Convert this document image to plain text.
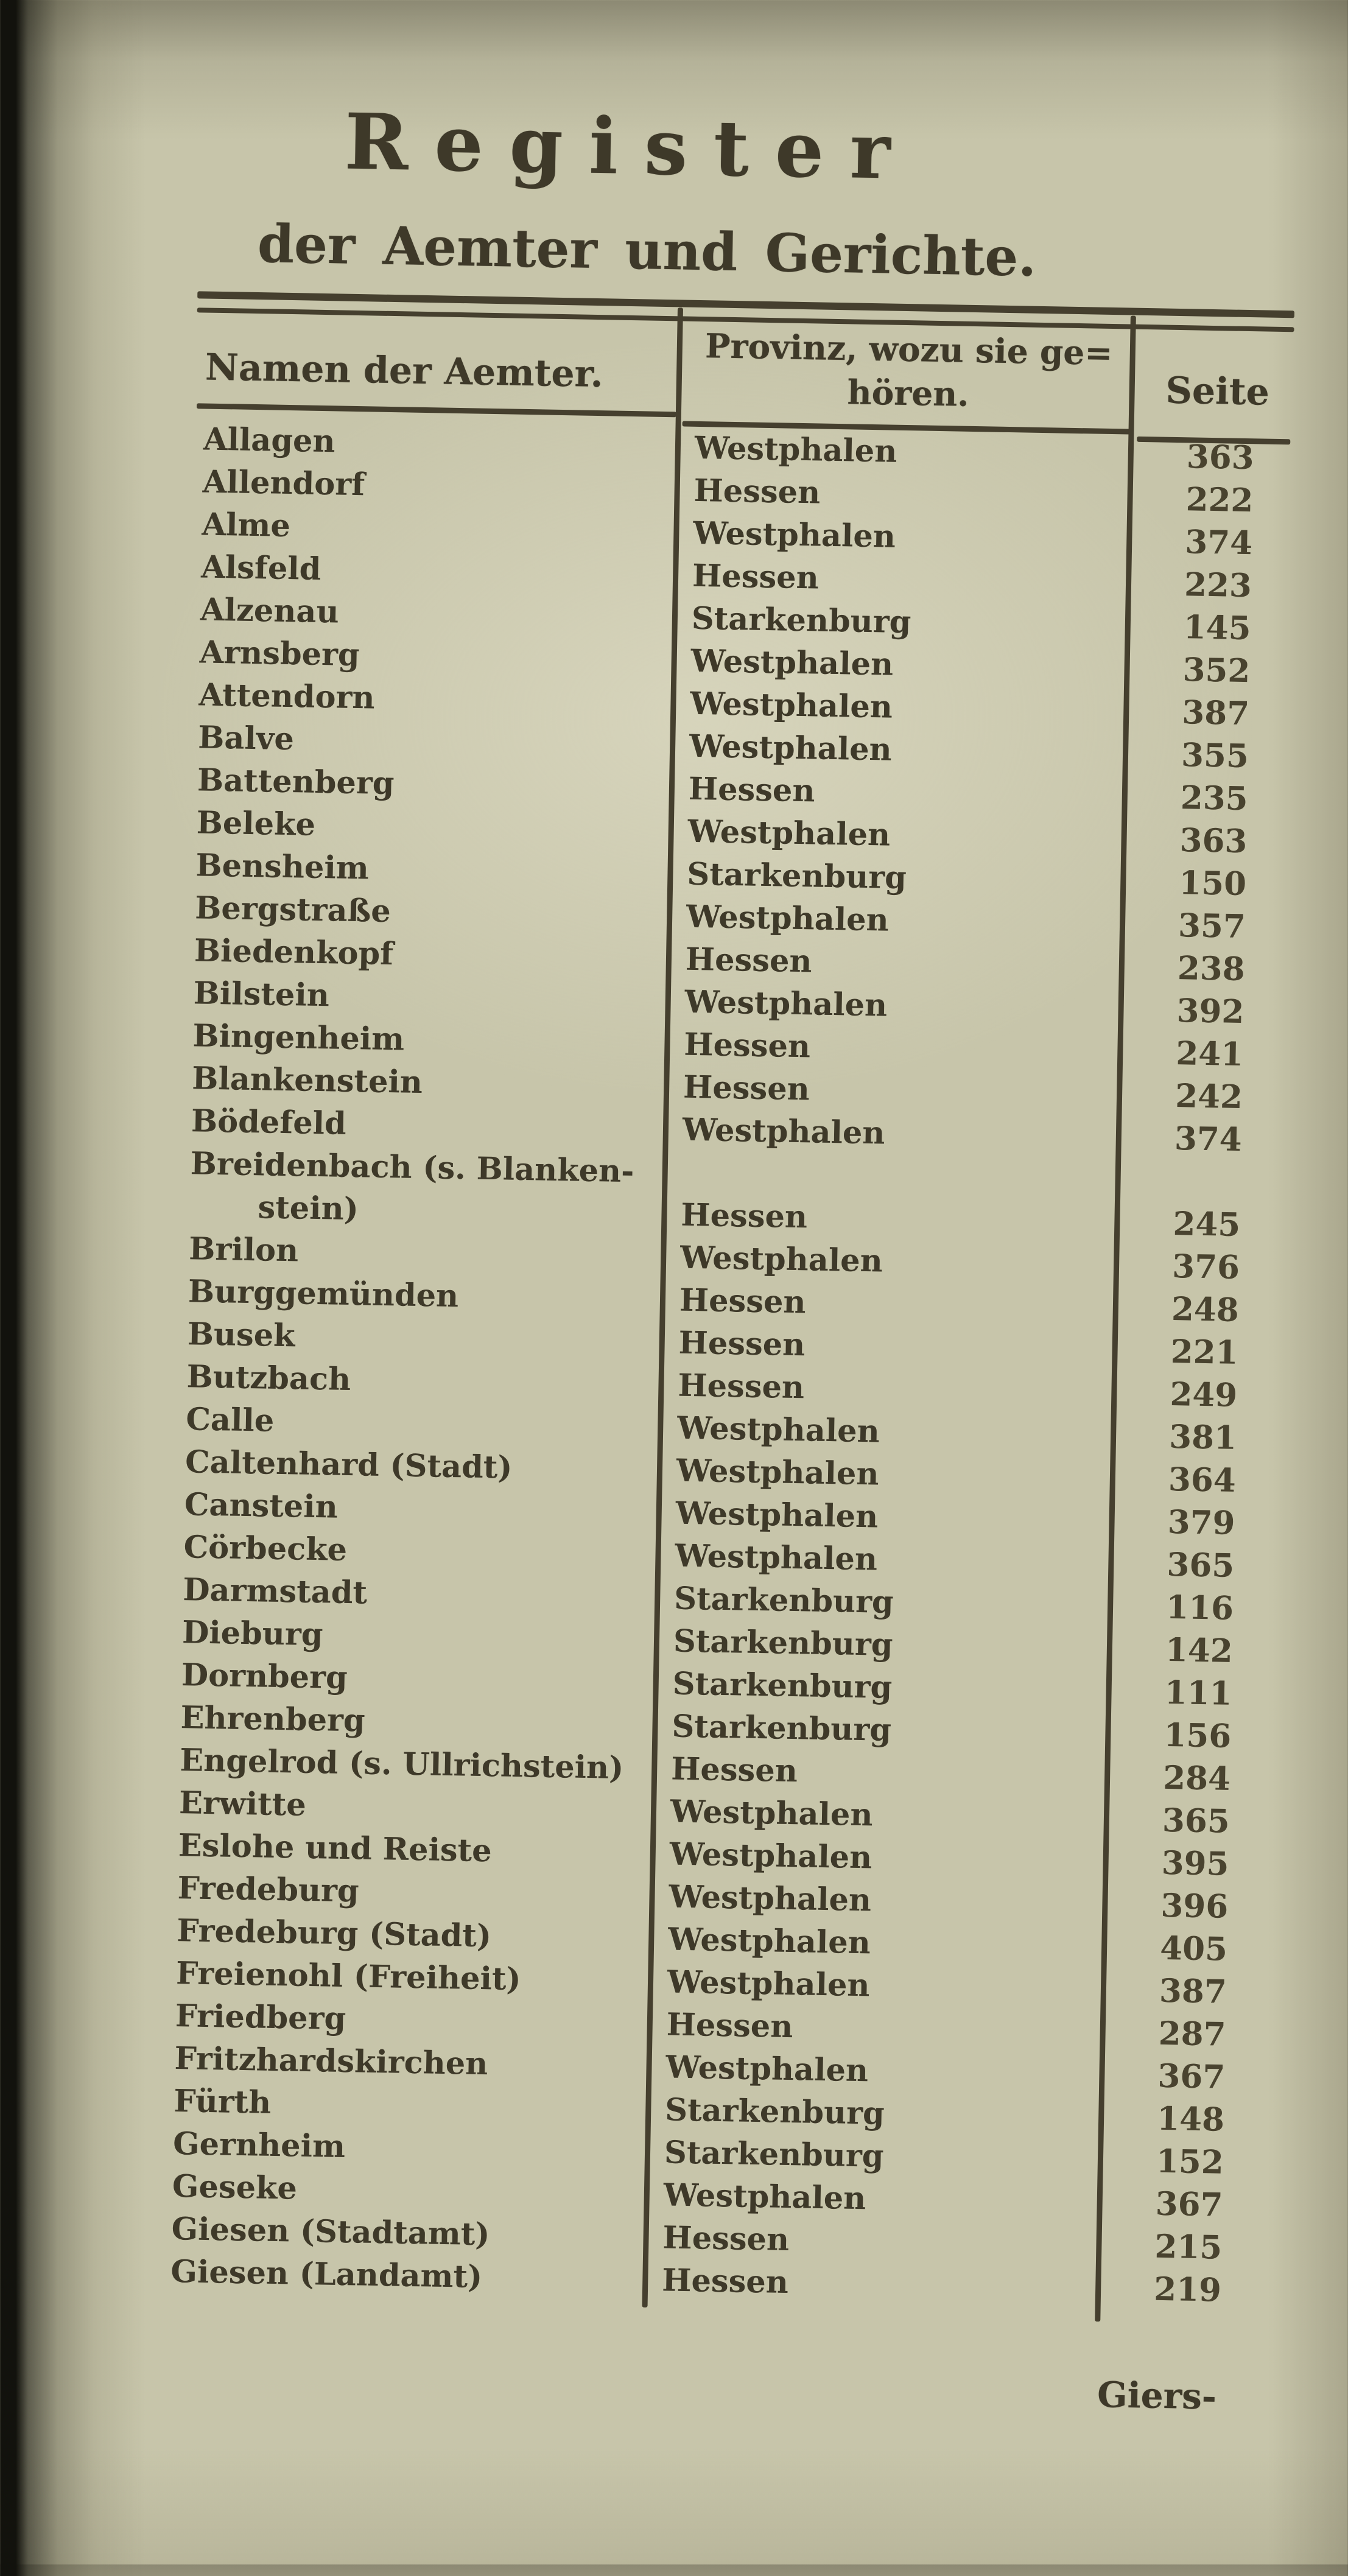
Register
der Aemter und Gerichte.
Namen der Aemter.	Provinz, wozu sie ge=
hören.	Seite
Allagen	Westphalen	363
Allendorf	Hessen	222
Alme	Westphalen	374
Alsfeld	Hessen	223
Alzenau	Starkenburg	145
Arnsberg	Westphalen	352
Attendorn	Westphalen	387
Balve	Westphalen	355
Battenberg	Hessen	235
Beleke	Westphalen	363
Bensheim	Starkenburg	150
Bergstraße	Westphalen	357
Biedenkopf	Hessen	238
Bilstein	Westphalen	392
Bingenheim	Hessen	241
Blankenstein	Hessen	242
Bödefeld	Westphalen	374
Breidenbach (s. Blanken-
stein)	Hessen	245
Brilon	Westphalen	376
Burggemünden	Hessen	248
Busek	Hessen	221
Butzbach	Hessen	249
Calle	Westphalen	381
Caltenhard (Stadt)	Westphalen	364
Canstein	Westphalen	379
Cörbecke	Westphalen	365
Darmstadt	Starkenburg	116
Dieburg	Starkenburg	142
Dornberg	Starkenburg	111
Ehrenberg	Starkenburg	156
Engelrod (s. Ullrichstein)	Hessen	284
Erwitte	Westphalen	365
Eslohe und Reiste	Westphalen	395
Fredeburg	Westphalen	396
Fredeburg (Stadt)	Westphalen	405
Freienohl (Freiheit)	Westphalen	387
Friedberg	Hessen	287
Fritzhardskirchen	Westphalen	367
Fürth	Starkenburg	148
Gernheim	Starkenburg	152
Geseke	Westphalen	367
Giesen (Stadtamt)	Hessen	215
Giesen (Landamt)	Hessen	219
Giers-
